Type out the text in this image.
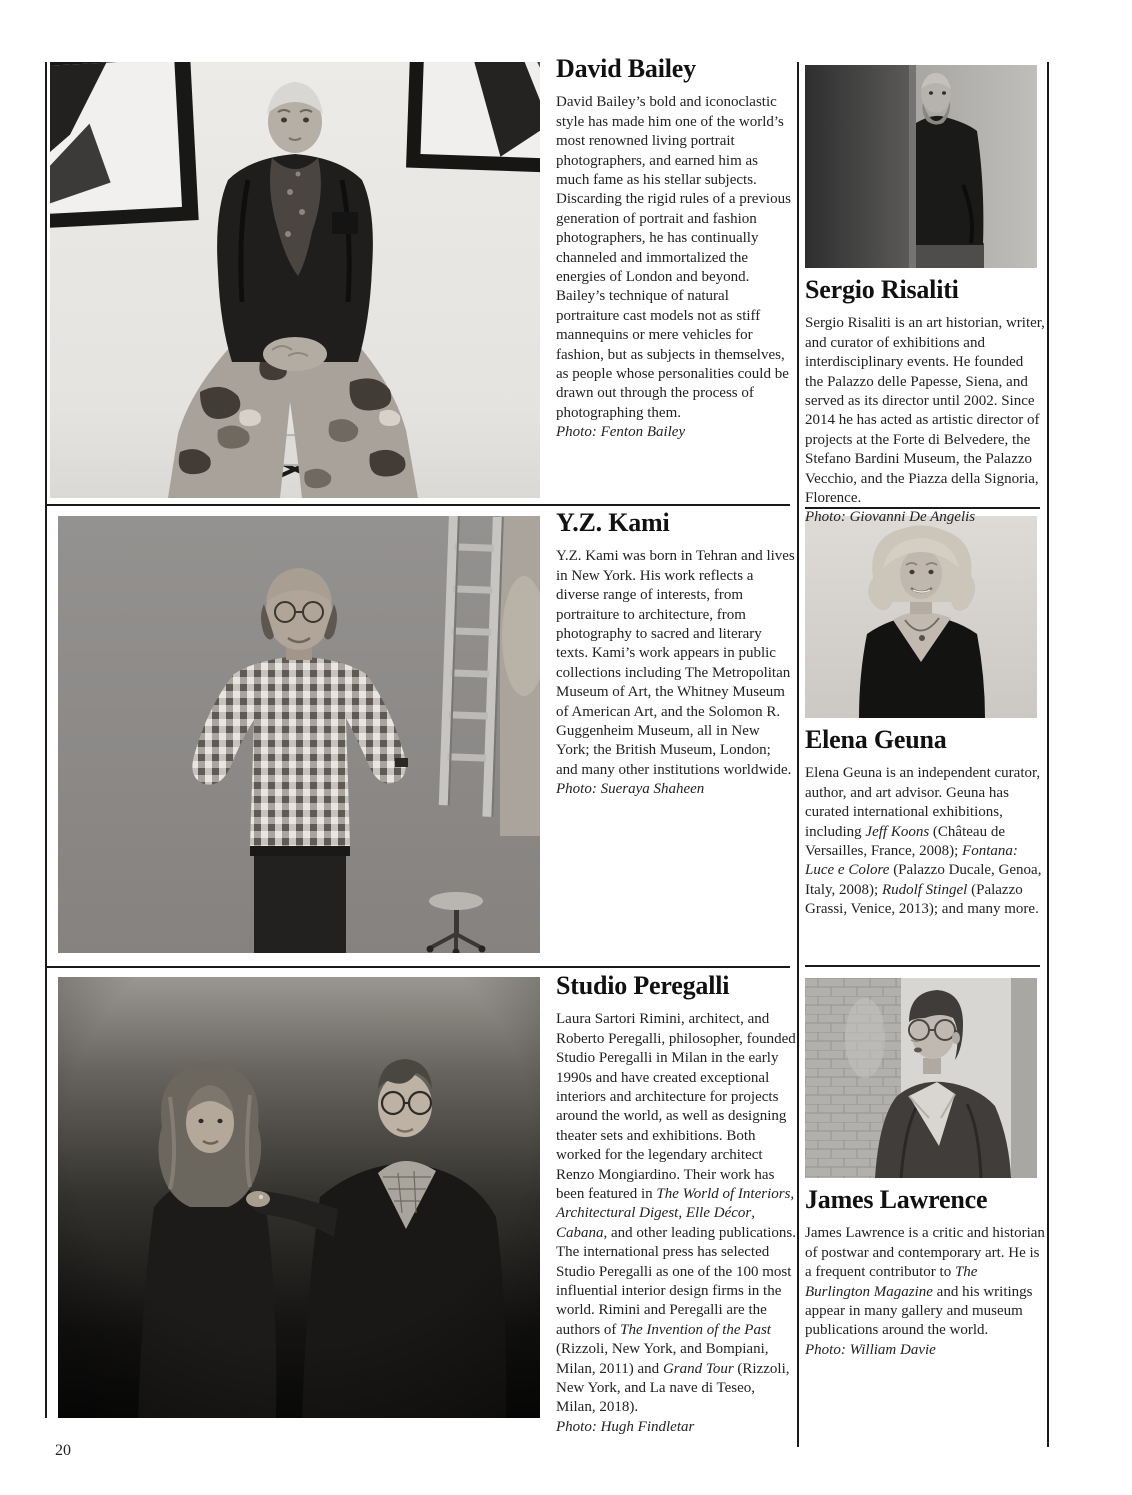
David Bailey

David Bailey’s bold and iconoclastic style has made him one of the world’s most renowned living portrait photographers, and earned him as much fame as his stellar subjects. Discarding the rigid rules of a previous generation of portrait and fashion photographers, he has continually channeled and immortalized the energies of London and beyond. Bailey’s technique of natural portraiture cast models not as stiff mannequins or mere vehicles for fashion, but as subjects in themselves, as people whose personalities could be drawn out through the process of photographing them.

Photo: Fenton Bailey

Sergio Risaliti

Sergio Risaliti is an art historian, writer, and curator of exhibitions and interdisciplinary events. He founded the Palazzo delle Papesse, Siena, and served as its director until 2002. Since 2014 he has acted as artistic director of projects at the Forte di Belvedere, the Stefano Bardini Museum, the Palazzo Vecchio, and the Piazza della Signoria, Florence.

Photo: Giovanni De Angelis

Y.Z. Kami

Y.Z. Kami was born in Tehran and lives in New York. His work reflects a diverse range of interests, from portraiture to architecture, from photography to sacred and literary texts. Kami’s work appears in public collections including The Metropolitan Museum of Art, the Whitney Museum of American Art, and the Solomon R. Guggenheim Museum, all in New York; the British Museum, London; and many other institutions worldwide.

Photo: Sueraya Shaheen

Elena Geuna

Elena Geuna is an independent curator, author, and art advisor. Geuna has curated international exhibitions, including Jeff Koons (Château de Versailles, France, 2008); Fontana: Luce e Colore (Palazzo Ducale, Genoa, Italy, 2008); Rudolf Stingel (Palazzo Grassi, Venice, 2013); and many more.

Studio Peregalli

Laura Sartori Rimini, architect, and Roberto Peregalli, philosopher, founded Studio Peregalli in Milan in the early 1990s and have created exceptional interiors and architecture for projects around the world, as well as designing theater sets and exhibitions. Both worked for the legendary architect Renzo Mongiardino. Their work has been featured in The World of Interiors, Architectural Digest, Elle Décor, Cabana, and other leading publications. The international press has selected Studio Peregalli as one of the 100 most influential interior design firms in the world. Rimini and Peregalli are the authors of The Invention of the Past (Rizzoli, New York, and Bompiani, Milan, 2011) and Grand Tour (Rizzoli, New York, and La nave di Teseo, Milan, 2018).

Photo: Hugh Findletar

James Lawrence

James Lawrence is a critic and historian of postwar and contemporary art. He is a frequent contributor to The Burlington Magazine and his writings appear in many gallery and museum publications around the world.

Photo: William Davie

20
